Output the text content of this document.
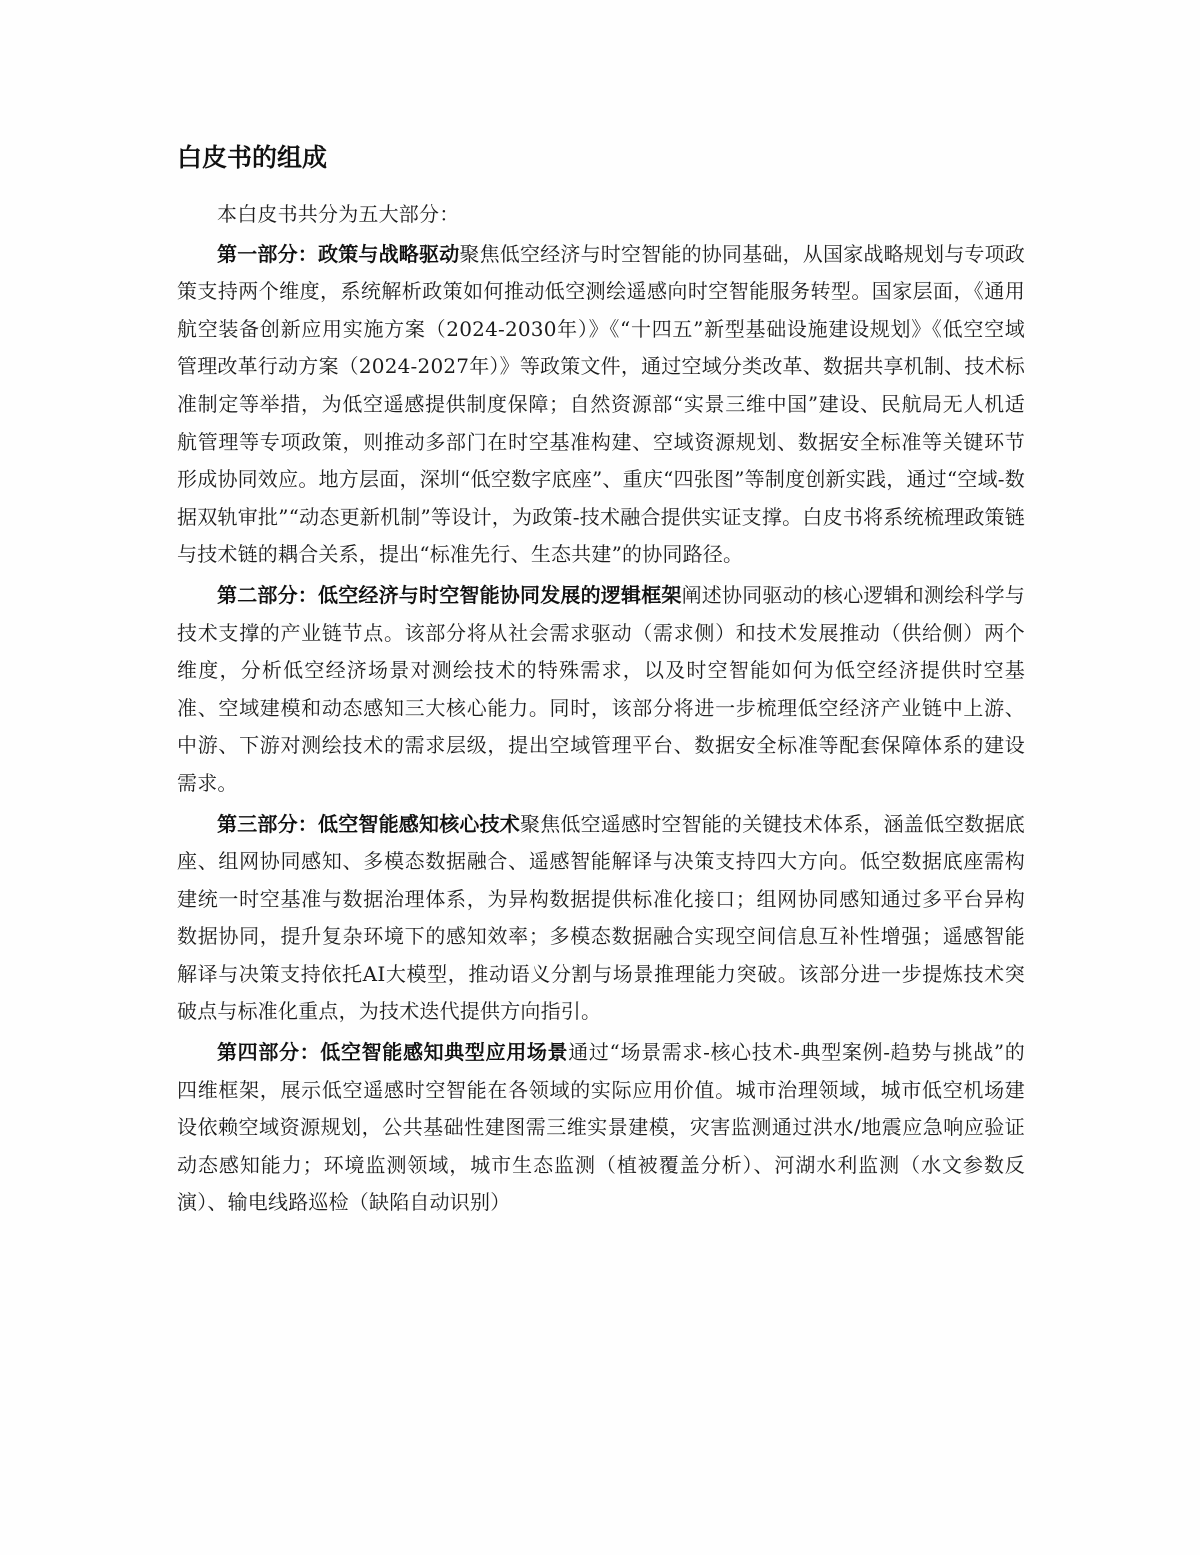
白皮书的组成

本白皮书共分为五大部分：

第一部分：政策与战略驱动聚焦低空经济与时空智能的协同基础，从国家战略规划与专项政策支持两个维度，系统解析政策如何推动低空测绘遥感向时空智能服务转型。国家层面，《通用航空装备创新应用实施方案（2024-2030年）》《“十四五”新型基础设施建设规划》《低空空域管理改革行动方案（2024-2027年）》等政策文件，通过空域分类改革、数据共享机制、技术标准制定等举措，为低空遥感提供制度保障；自然资源部“实景三维中国”建设、民航局无人机适航管理等专项政策，则推动多部门在时空基准构建、空域资源规划、数据安全标准等关键环节形成协同效应。地方层面，深圳“低空数字底座”、重庆“四张图”等制度创新实践，通过“空域-数据双轨审批”“动态更新机制”等设计，为政策-技术融合提供实证支撑。白皮书将系统梳理政策链与技术链的耦合关系，提出“标准先行、生态共建”的协同路径。

第二部分：低空经济与时空智能协同发展的逻辑框架阐述协同驱动的核心逻辑和测绘科学与技术支撑的产业链节点。该部分将从社会需求驱动（需求侧）和技术发展推动（供给侧）两个维度，分析低空经济场景对测绘技术的特殊需求，以及时空智能如何为低空经济提供时空基准、空域建模和动态感知三大核心能力。同时，该部分将进一步梳理低空经济产业链中上游、中游、下游对测绘技术的需求层级，提出空域管理平台、数据安全标准等配套保障体系的建设需求。

第三部分：低空智能感知核心技术聚焦低空遥感时空智能的关键技术体系，涵盖低空数据底座、组网协同感知、多模态数据融合、遥感智能解译与决策支持四大方向。低空数据底座需构建统一时空基准与数据治理体系，为异构数据提供标准化接口；组网协同感知通过多平台异构数据协同，提升复杂环境下的感知效率；多模态数据融合实现空间信息互补性增强；遥感智能解译与决策支持依托AI大模型，推动语义分割与场景推理能力突破。该部分进一步提炼技术突破点与标准化重点，为技术迭代提供方向指引。

第四部分：低空智能感知典型应用场景通过“场景需求-核心技术-典型案例-趋势与挑战”的四维框架，展示低空遥感时空智能在各领域的实际应用价值。城市治理领域，城市低空机场建设依赖空域资源规划，公共基础性建图需三维实景建模，灾害监测通过洪水/地震应急响应验证动态感知能力；环境监测领域，城市生态监测（植被覆盖分析）、河湖水利监测（水文参数反演）、输电线路巡检（缺陷自动识别）
